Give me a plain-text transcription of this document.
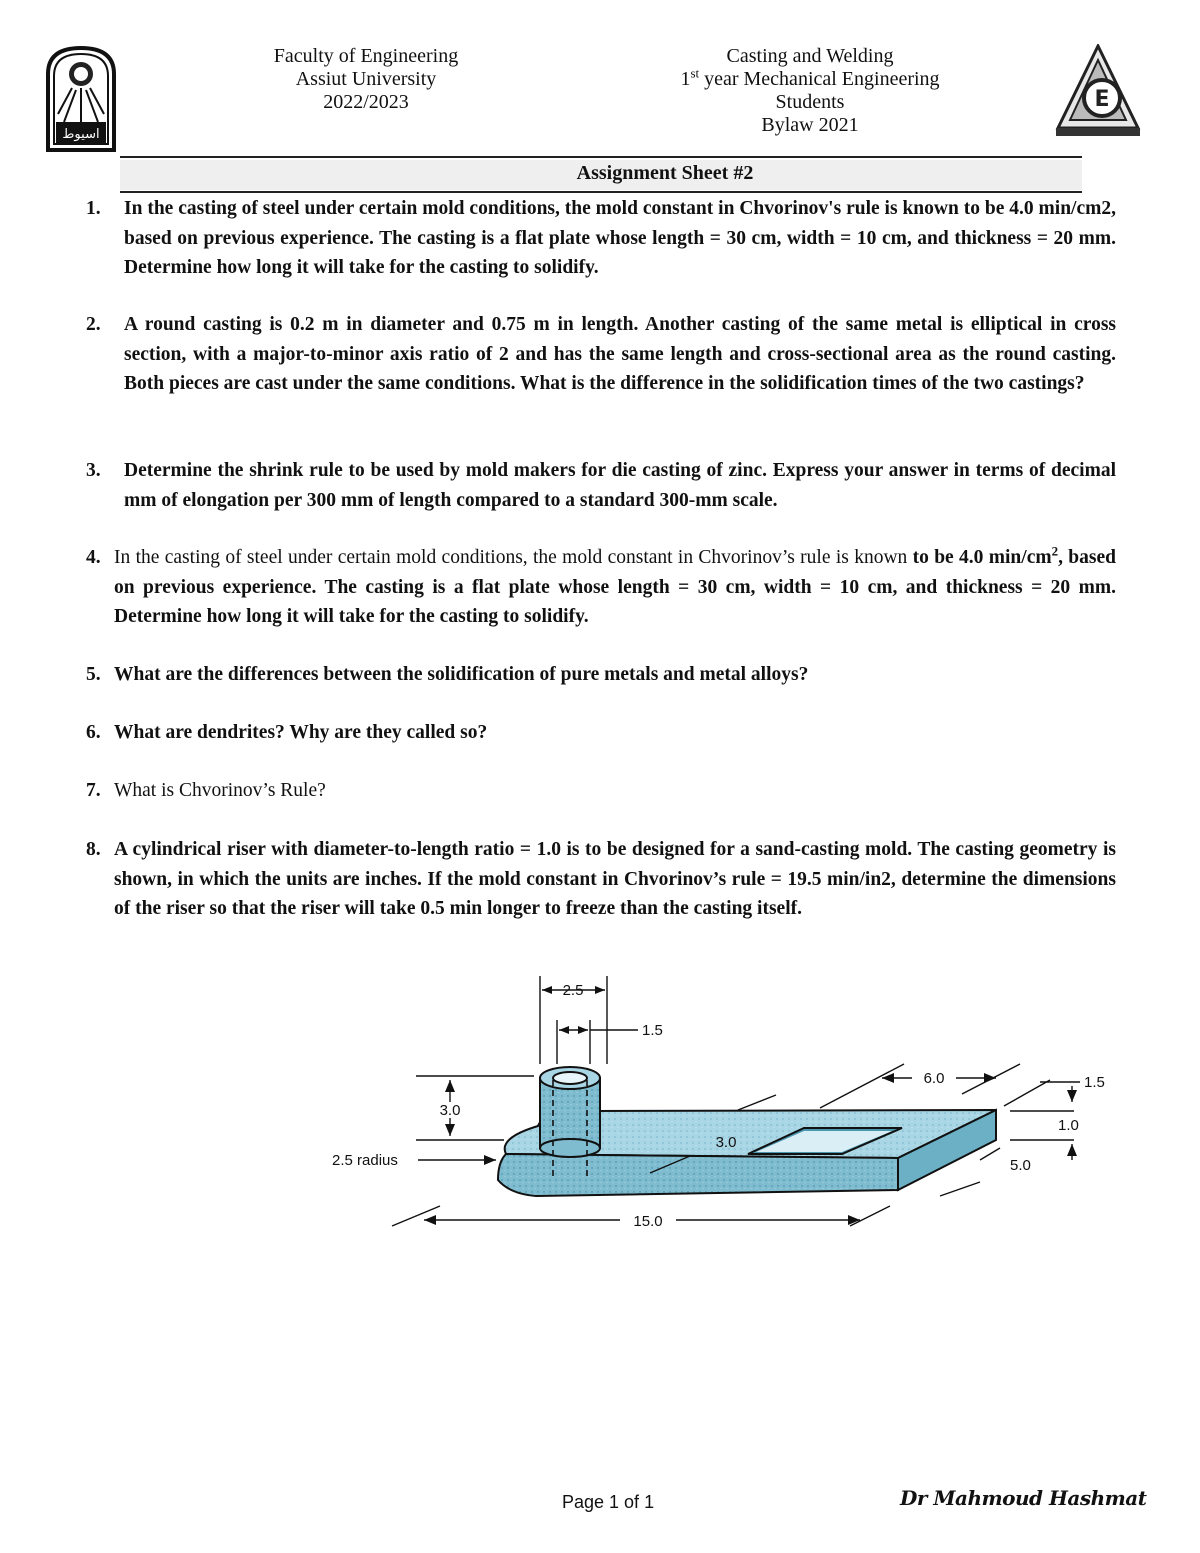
ﺍﺳﻴﻮﻁ
Faculty of Engineering
Assiut University
2022/2023
Casting and Welding
1st year Mechanical Engineering
Students
Bylaw 2021
E
Assignment Sheet #2
1. In the casting of steel under certain mold conditions, the mold constant in Chvorinov's rule is known to be 4.0 min/cm2, based on previous experience. The casting is a flat plate whose length = 30 cm, width = 10 cm, and thickness = 20 mm. Determine how long it will take for the casting to solidify.
2. A round casting is 0.2 m in diameter and 0.75 m in length. Another casting of the same metal is elliptical in cross section, with a major-to-minor axis ratio of 2 and has the same length and cross-sectional area as the round casting. Both pieces are cast under the same conditions. What is the difference in the solidification times of the two castings?
3. Determine the shrink rule to be used by mold makers for die casting of zinc. Express your answer in terms of decimal mm of elongation per 300 mm of length compared to a standard 300-mm scale.
4. In the casting of steel under certain mold conditions, the mold constant in Chvorinov’s rule is known to be 4.0 $\min/cm^2$, based on previous experience. The casting is a flat plate whose length = 30 cm, width = 10 cm, and thickness = 20 mm. Determine how long it will take for the casting to solidify.
5. What are the differences between the solidification of pure metals and metal alloys?
6. What are dendrites? Why are they called so?
7. What is Chvorinov’s Rule?
8. A cylindrical riser with diameter-to-length ratio = 1.0 is to be designed for a sand-casting mold. The casting geometry is shown, in which the units are inches. If the mold constant in Chvorinov’s rule = 19.5 min/in2, determine the dimensions of the riser so that the riser will take 0.5 min longer to freeze than the casting itself.
2.5
1.5
3.0
2.5 radius
3.0
6.0	1.5
1.0
5.0
15.0
Page 1 of 1	Dr Mahmoud Hashmat
